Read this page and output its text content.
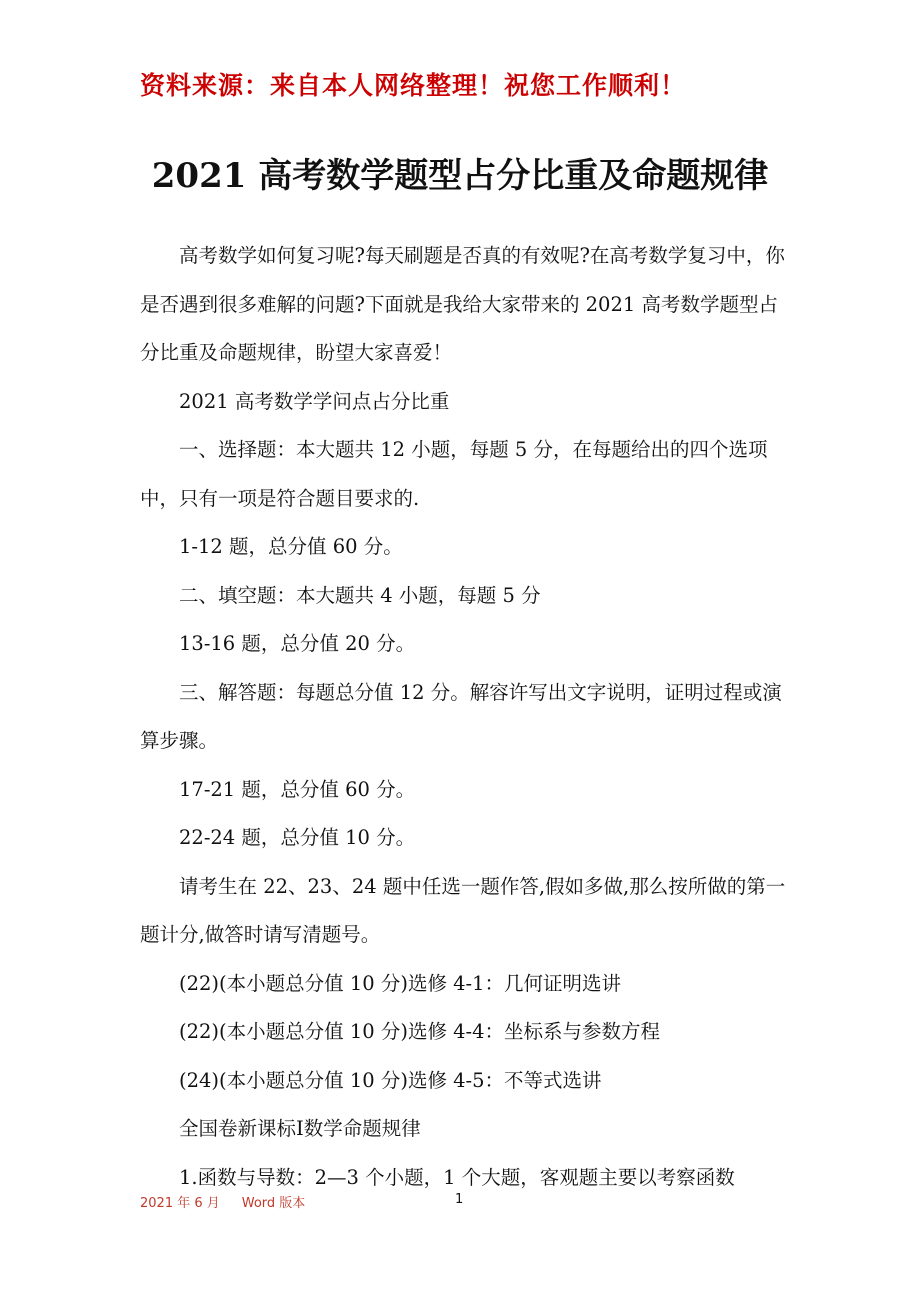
资料来源：来自本人网络整理！祝您工作顺利！
2021 高考数学题型占分比重及命题规律

高考数学如何复习呢?每天刷题是否真的有效呢?在高考数学复习中，你是否遇到很多难解的问题?下面就是我给大家带来的 2021 高考数学题型占分比重及命题规律，盼望大家喜爱！

2021 高考数学学问点占分比重

一、选择题：本大题共 12 小题，每题 5 分，在每题给出的四个选项中，只有一项是符合题目要求的.

1-12 题，总分值 60 分。

二、填空题：本大题共 4 小题，每题 5 分

13-16 题，总分值 20 分。

三、解答题：每题总分值 12 分。解容许写出文字说明，证明过程或演算步骤。

17-21 题，总分值 60 分。

22-24 题，总分值 10 分。

请考生在 22、23、24 题中任选一题作答,假如多做,那么按所做的第一题计分,做答时请写清题号。

(22)(本小题总分值 10 分)选修 4-1：几何证明选讲

(22)(本小题总分值 10 分)选修 4-4：坐标系与参数方程

(24)(本小题总分值 10 分)选修 4-5：不等式选讲

全国卷新课标Ⅰ数学命题规律

1.函数与导数：2—3 个小题，1 个大题，客观题主要以考察函数

2021 年 6 月 Word 版本	1
